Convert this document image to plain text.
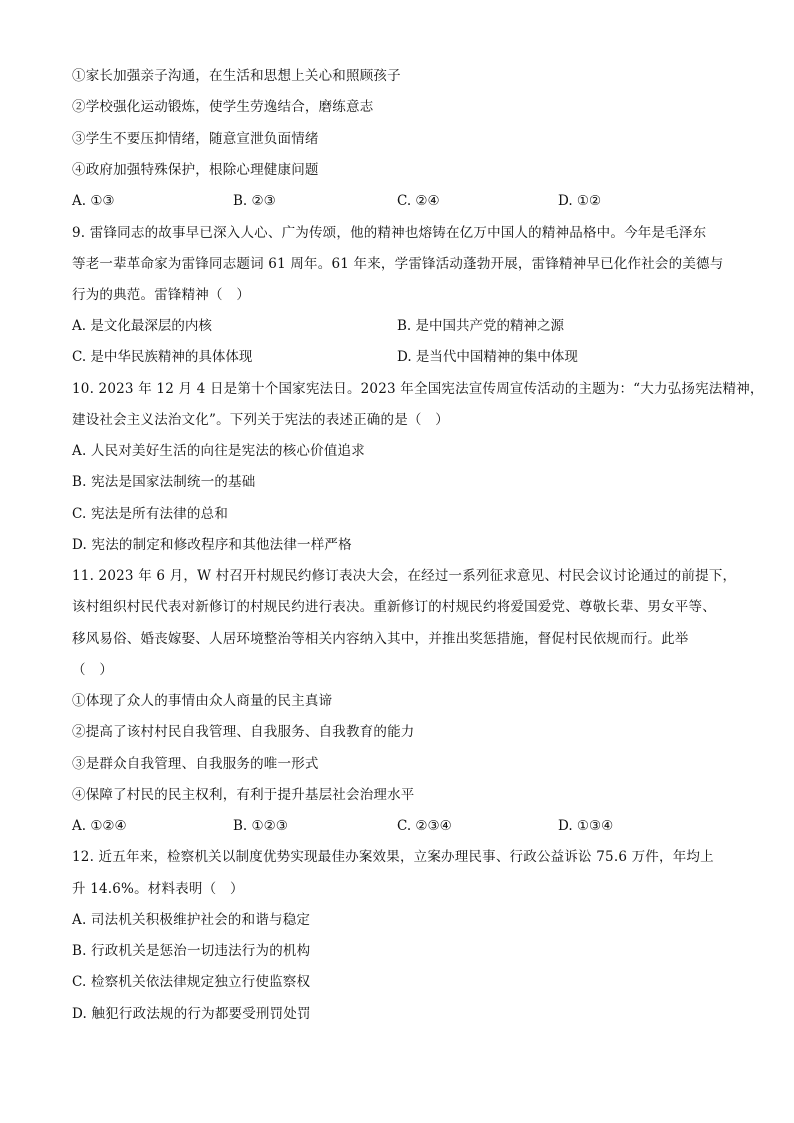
①家长加强亲子沟通，在生活和思想上关心和照顾孩子
②学校强化运动锻炼，使学生劳逸结合，磨练意志
③学生不要压抑情绪，随意宣泄负面情绪
④政府加强特殊保护，根除心理健康问题
A. ①③	B. ②③	C. ②④	D. ①②
9. 雷锋同志的故事早已深入人心、广为传颂，他的精神也熔铸在亿万中国人的精神品格中。今年是毛泽东
等老一辈革命家为雷锋同志题词 61 周年。61 年来，学雷锋活动蓬勃开展，雷锋精神早已化作社会的美德与
行为的典范。雷锋精神（　）
A. 是文化最深层的内核	B. 是中国共产党的精神之源
C. 是中华民族精神的具体体现	D. 是当代中国精神的集中体现
10. 2023 年 12 月 4 日是第十个国家宪法日。2023 年全国宪法宣传周宣传活动的主题为：“大力弘扬宪法精神，
建设社会主义法治文化”。下列关于宪法的表述正确的是（　）
A. 人民对美好生活的向往是宪法的核心价值追求
B. 宪法是国家法制统一的基础
C. 宪法是所有法律的总和
D. 宪法的制定和修改程序和其他法律一样严格
11. 2023 年 6 月，W 村召开村规民约修订表决大会，在经过一系列征求意见、村民会议讨论通过的前提下，
该村组织村民代表对新修订的村规民约进行表决。重新修订的村规民约将爱国爱党、尊敬长辈、男女平等、
移风易俗、婚丧嫁娶、人居环境整治等相关内容纳入其中，并推出奖惩措施，督促村民依规而行。此举
（　）
①体现了众人的事情由众人商量的民主真谛
②提高了该村村民自我管理、自我服务、自我教育的能力
③是群众自我管理、自我服务的唯一形式
④保障了村民的民主权利，有利于提升基层社会治理水平
A. ①②④	B. ①②③	C. ②③④	D. ①③④
12. 近五年来，检察机关以制度优势实现最佳办案效果，立案办理民事、行政公益诉讼 75.6 万件，年均上
升 14.6%。材料表明（　）
A. 司法机关积极维护社会的和谐与稳定
B. 行政机关是惩治一切违法行为的机构
C. 检察机关依法律规定独立行使监察权
D. 触犯行政法规的行为都要受刑罚处罚
